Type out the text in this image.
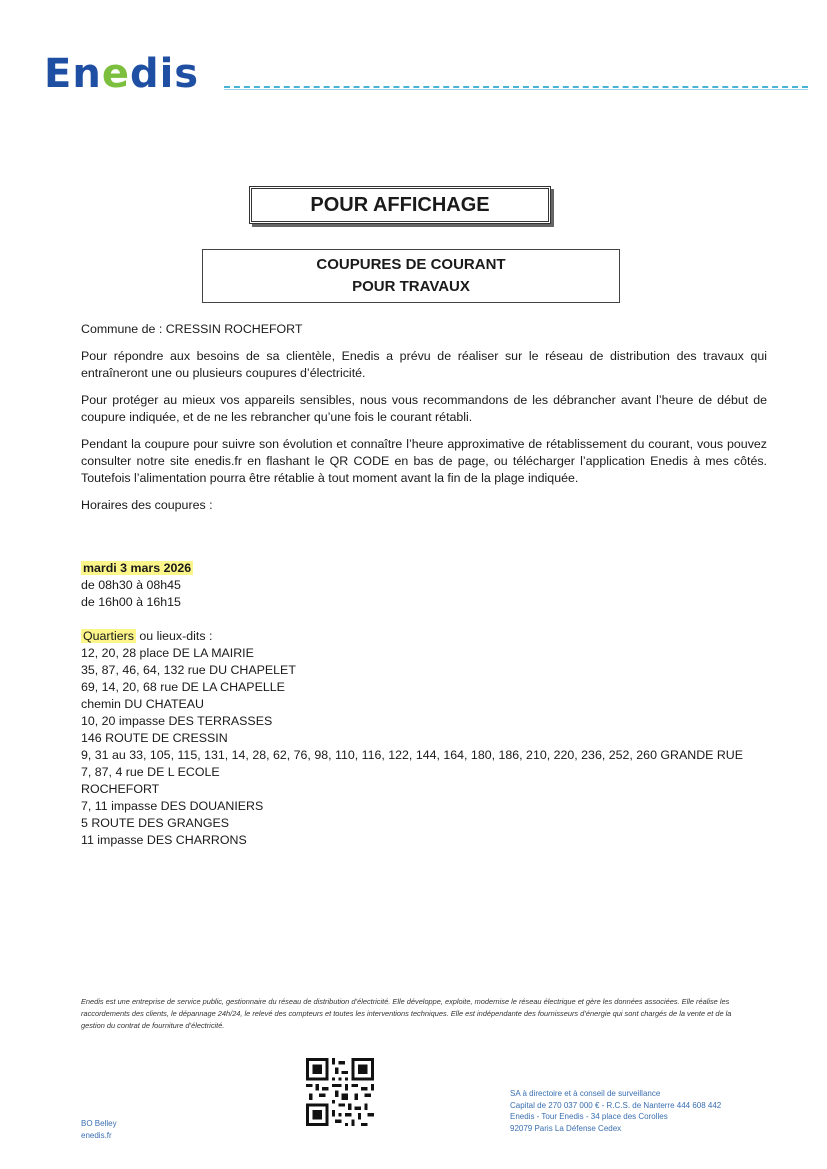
Enedis
POUR AFFICHAGE
COUPURES DE COURANT
POUR TRAVAUX

Commune de : CRESSIN ROCHEFORT

Pour répondre aux besoins de sa clientèle, Enedis a prévu de réaliser sur le réseau de distribution des travaux qui entraîneront une ou plusieurs coupures d’électricité.

Pour protéger au mieux vos appareils sensibles, nous vous recommandons de les débrancher avant l’heure de début de coupure indiquée, et de ne les rebrancher qu’une fois le courant rétabli.

Pendant la coupure pour suivre son évolution et connaître l’heure approximative de rétablissement du courant, vous pouvez consulter notre site enedis.fr en flashant le QR CODE en bas de page, ou télécharger l’application Enedis à mes côtés. Toutefois l’alimentation pourra être rétablie à tout moment avant la fin de la plage indiquée.

Horaires des coupures :

mardi 3 mars 2026
de 08h30 à 08h45
de 16h00 à 16h15
Quartiers ou lieux-dits :
12, 20, 28 place DE LA MAIRIE
35, 87, 46, 64, 132 rue DU CHAPELET
69, 14, 20, 68 rue DE LA CHAPELLE
chemin DU CHATEAU
10, 20 impasse DES TERRASSES
146 ROUTE DE CRESSIN
9, 31 au 33, 105, 115, 131, 14, 28, 62, 76, 98, 110, 116, 122, 144, 164, 180, 186, 210, 220, 236, 252, 260 GRANDE RUE
7, 87, 4 rue DE L ECOLE
ROCHEFORT
7, 11 impasse DES DOUANIERS
5 ROUTE DES GRANGES
11 impasse DES CHARRONS
Enedis est une entreprise de service public, gestionnaire du réseau de distribution d’électricité. Elle développe, exploite, modernise le réseau électrique et gère les données associées. Elle réalise les raccordements des clients, le dépannage 24h/24, le relevé des compteurs et toutes les interventions techniques. Elle est indépendante des fournisseurs d’énergie qui sont chargés de la vente et de la gestion du contrat de fourniture d’électricité.
SA à directoire et à conseil de surveillance
Capital de 270 037 000 € - R.C.S. de Nanterre 444 608 442
Enedis - Tour Enedis - 34 place des Corolles
92079 Paris La Défense Cedex
BO Belley
enedis.fr
